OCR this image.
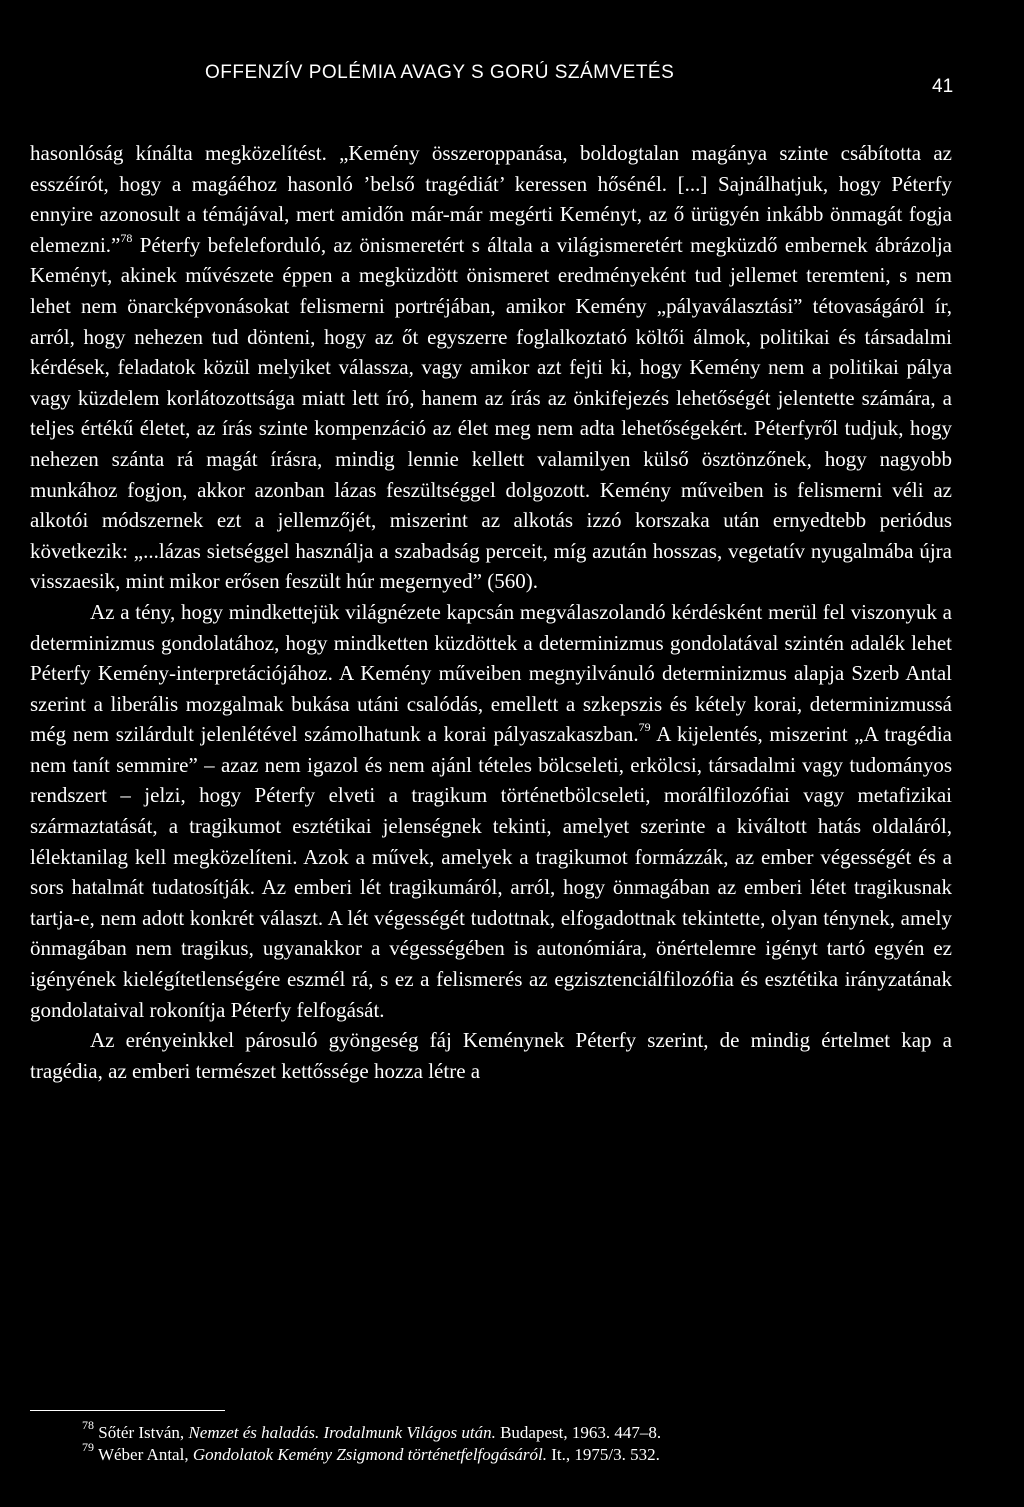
OFFENZÍV POLÉMIA AVAGY S GORÚ SZÁMVETÉS
41

hasonlóság kínálta megközelítést. „Kemény összeroppanása, boldogtalan magánya szinte csábította az esszéírót, hogy a magáéhoz hasonló ’belső tragédiát’ keressen hősénél. [...] Sajnálhatjuk, hogy Péterfy ennyire azonosult a témájával, mert amidőn már-már megérti Keményt, az ő ürügyén inkább önmagát fogja elemezni.”$^{78}$ Péterfy befeleforduló, az önismeretért s általa a világismeretért megküzdő embernek ábrázolja Keményt, akinek művészete éppen a megküzdött önismeret eredményeként tud jellemet teremteni, s nem lehet nem önarcképvonásokat felismerni portréjában, amikor Kemény „pályaválasztási” tétovaságáról ír, arról, hogy nehezen tud dönteni, hogy az őt egyszerre foglalkoztató költői álmok, politikai és társadalmi kérdések, feladatok közül melyiket válassza, vagy amikor azt fejti ki, hogy Kemény nem a politikai pálya vagy küzdelem korlátozottsága miatt lett író, hanem az írás az önkifejezés lehetőségét jelentette számára, a teljes értékű életet, az írás szinte kompenzáció az élet meg nem adta lehetőségekért. Péterfyről tudjuk, hogy nehezen szánta rá magát írásra, mindig lennie kellett valamilyen külső ösztönzőnek, hogy nagyobb munkához fogjon, akkor azonban lázas feszültséggel dolgozott. Kemény műveiben is felismerni véli az alkotói módszernek ezt a jellemzőjét, miszerint az alkotás izzó korszaka után ernyedtebb periódus következik: „...lázas sietséggel használja a szabadság perceit, míg azután hosszas, vegetatív nyugalmába újra visszaesik, mint mikor erősen feszült húr megernyed” (560).

Az a tény, hogy mindkettejük világnézete kapcsán megválaszolandó kérdésként merül fel viszonyuk a determinizmus gondolatához, hogy mindketten küzdöttek a determinizmus gondolatával szintén adalék lehet Péterfy Kemény-interpretációjához. A Kemény műveiben megnyilvánuló determinizmus alapja Szerb Antal szerint a liberális mozgalmak bukása utáni csalódás, emellett a szkepszis és kétely korai, determinizmussá még nem szilárdult jelenlétével számolhatunk a korai pályaszakaszban.$^{79}$ A kijelentés, miszerint „A tragédia nem tanít semmire” – azaz nem igazol és nem ajánl tételes bölcseleti, erkölcsi, társadalmi vagy tudományos rendszert – jelzi, hogy Péterfy elveti a tragikum történetbölcseleti, morálfilozófiai vagy metafizikai származtatását, a tragikumot esztétikai jelenségnek tekinti, amelyet szerinte a kiváltott hatás oldaláról, lélektanilag kell megközelíteni. Azok a művek, amelyek a tragikumot formázzák, az ember végességét és a sors hatalmát tudatosítják. Az emberi lét tragikumáról, arról, hogy önmagában az emberi létet tragikusnak tartja-e, nem adott konkrét választ. A lét végességét tudottnak, elfogadottnak tekintette, olyan ténynek, amely önmagában nem tragikus, ugyanakkor a végességében is autonómiára, önértelemre igényt tartó egyén ez igényének kielégítetlenségére eszmél rá, s ez a felismerés az egzisztenciálfilozófia és esztétika irányzatának gondolataival rokonítja Péterfy felfogását.

Az erényeinkkel párosuló gyöngeség fáj Keménynek Péterfy szerint, de mindig értelmet kap a tragédia, az emberi természet kettőssége hozza létre a

$^{78}$ Sőtér István, Nemzet és haladás. Irodalmunk Világos után. Budapest, 1963. 447–8.

$^{79}$ Wéber Antal, Gondolatok Kemény Zsigmond történetfelfogásáról. It., 1975/3. 532.
